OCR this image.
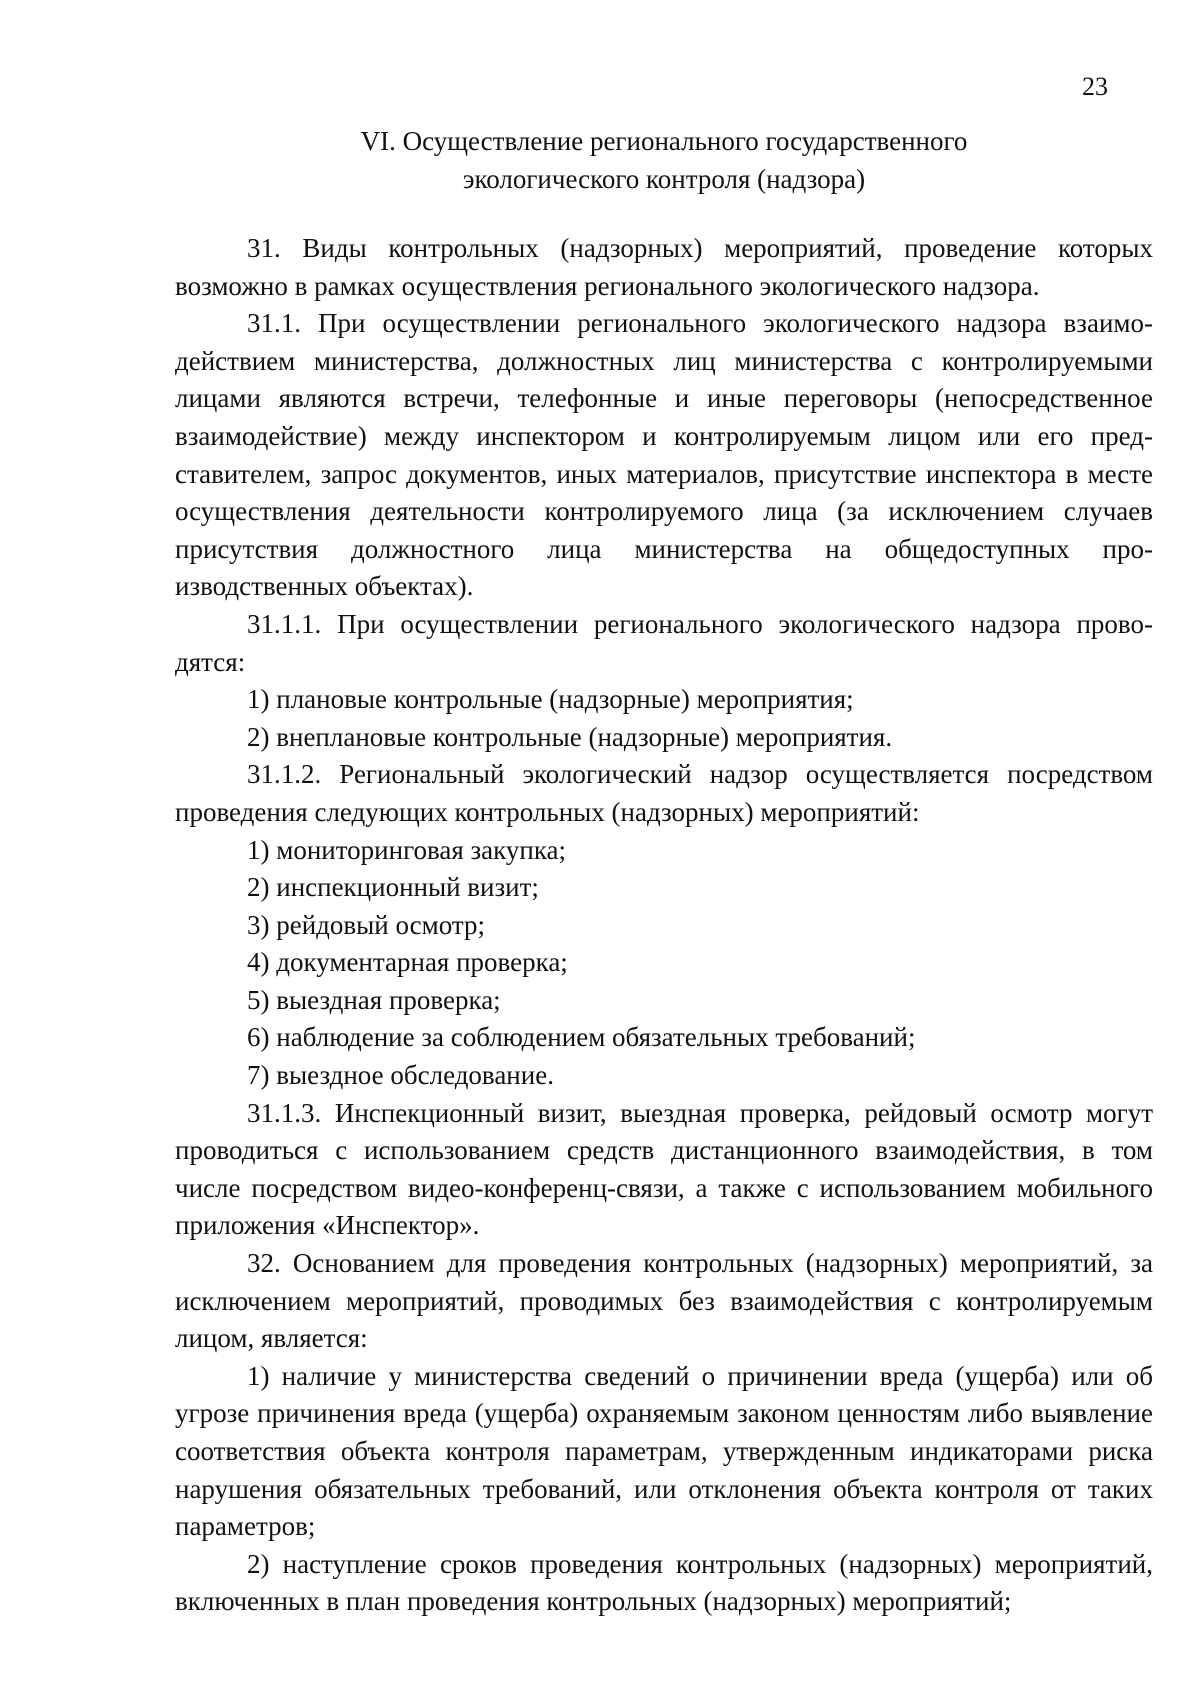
23
VI. Осуществление регионального государственного
экологического контроля (надзора)

31. Виды контрольных (надзорных) мероприятий, проведение которых возможно в рамках осуществления регионального экологического надзора.

31.1. При осуществлении регионального экологического надзора взаимодействием министерства, должностных лиц министерства с контролируемыми лицами являются встречи, телефонные и иные переговоры (непосредственное взаимодействие) между инспектором и контролируемым лицом или его представителем, запрос документов, иных материалов, присутствие инспектора в месте осуществления деятельности контролируемого лица (за исключением случаев присутствия должностного лица министерства на общедоступных производственных объектах).

31.1.1. При осуществлении регионального экологического надзора проводятся:

1) плановые контрольные (надзорные) мероприятия;

2) внеплановые контрольные (надзорные) мероприятия.

31.1.2. Региональный экологический надзор осуществляется посредством проведения следующих контрольных (надзорных) мероприятий:

1) мониторинговая закупка;

2) инспекционный визит;

3) рейдовый осмотр;

4) документарная проверка;

5) выездная проверка;

6) наблюдение за соблюдением обязательных требований;

7) выездное обследование.

31.1.3. Инспекционный визит, выездная проверка, рейдовый осмотр могут проводиться с использованием средств дистанционного взаимодействия, в том числе посредством видео-конференц-связи, а также с использованием мобильного приложения «Инспектор».

32. Основанием для проведения контрольных (надзорных) мероприятий, за исключением мероприятий, проводимых без взаимодействия с контролируемым лицом, является:

1) наличие у министерства сведений о причинении вреда (ущерба) или об угрозе причинения вреда (ущерба) охраняемым законом ценностям либо выявление соответствия объекта контроля параметрам, утвержденным индикаторами риска нарушения обязательных требований, или отклонения объекта контроля от таких параметров;

2) наступление сроков проведения контрольных (надзорных) мероприятий, включенных в план проведения контрольных (надзорных) мероприятий;
